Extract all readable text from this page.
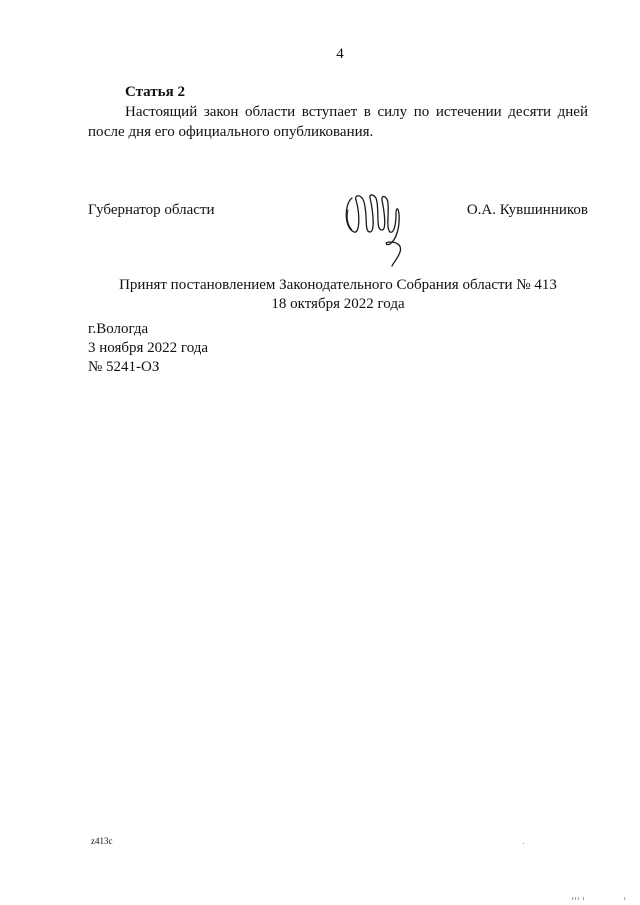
4
Статья 2
Настоящий закон области вступает в силу по истечении десяти дней после дня его официального опубликования.
Губернатор области	О.А. Кувшинников
Принят постановлением Законодательного Собрания области № 413
18 октября 2022 года
г.Вологда
3 ноября 2022 года
№ 5241-ОЗ
z413c
ııı ı	ı
